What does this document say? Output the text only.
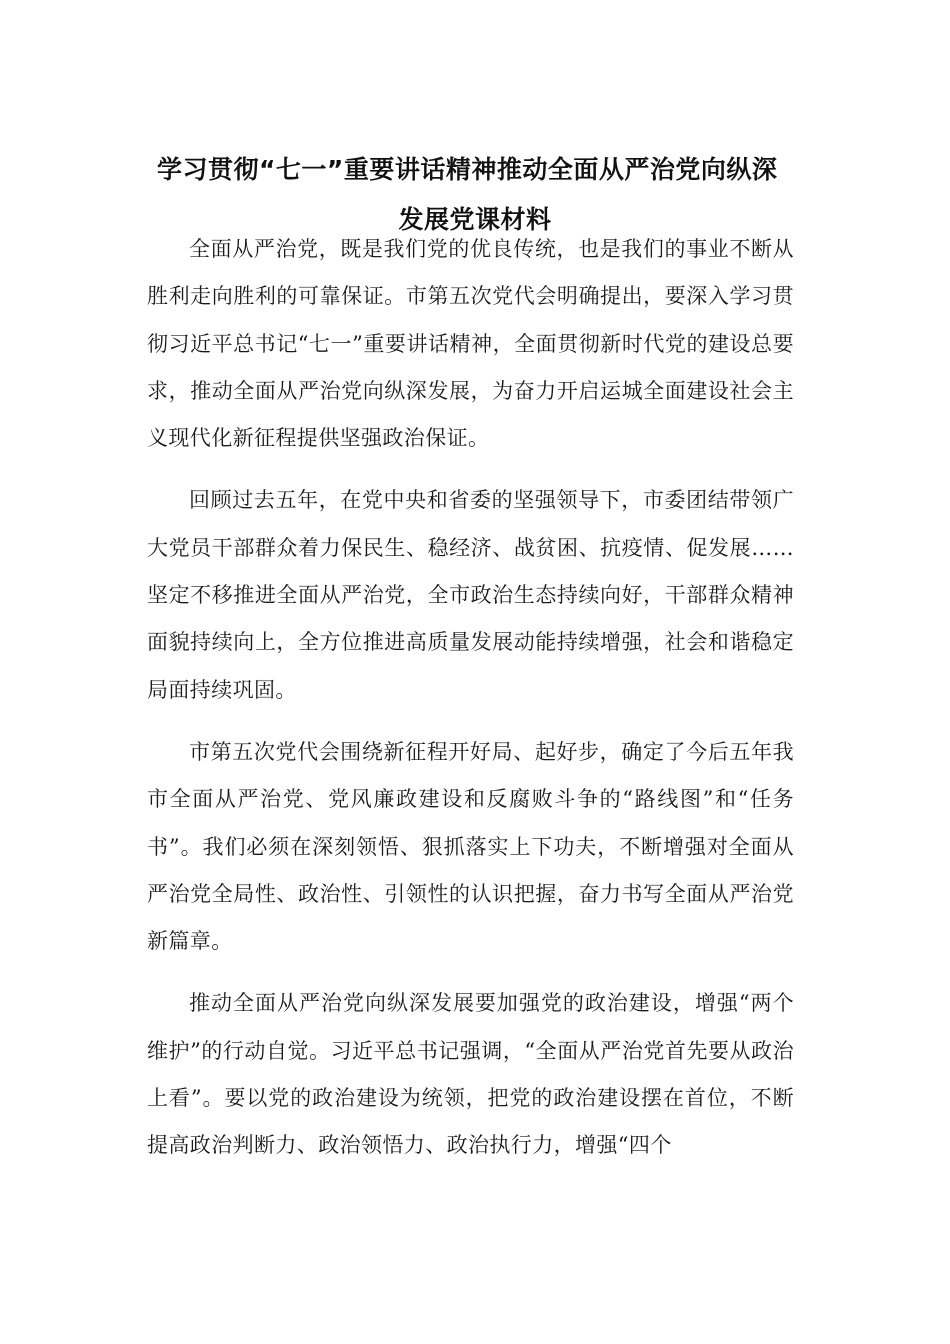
学习贯彻“七一”重要讲话精神推动全面从严治党向纵深
发展党课材料

全面从严治党，既是我们党的优良传统，也是我们的事业不断从胜利走向胜利的可靠保证。市第五次党代会明确提出，要深入学习贯彻习近平总书记“七一”重要讲话精神，全面贯彻新时代党的建设总要求，推动全面从严治党向纵深发展，为奋力开启运城全面建设社会主义现代化新征程提供坚强政治保证。

回顾过去五年，在党中央和省委的坚强领导下，市委团结带领广大党员干部群众着力保民生、稳经济、战贫困、抗疫情、促发展……坚定不移推进全面从严治党，全市政治生态持续向好，干部群众精神面貌持续向上，全方位推进高质量发展动能持续增强，社会和谐稳定局面持续巩固。

市第五次党代会围绕新征程开好局、起好步，确定了今后五年我市全面从严治党、党风廉政建设和反腐败斗争的“路线图”和“任务书”。我们必须在深刻领悟、狠抓落实上下功夫，不断增强对全面从严治党全局性、政治性、引领性的认识把握，奋力书写全面从严治党新篇章。

推动全面从严治党向纵深发展要加强党的政治建设，增强“两个维护”的行动自觉。习近平总书记强调，“全面从严治党首先要从政治上看”。要以党的政治建设为统领，把党的政治建设摆在首位，不断提高政治判断力、政治领悟力、政治执行力，增强“四个
